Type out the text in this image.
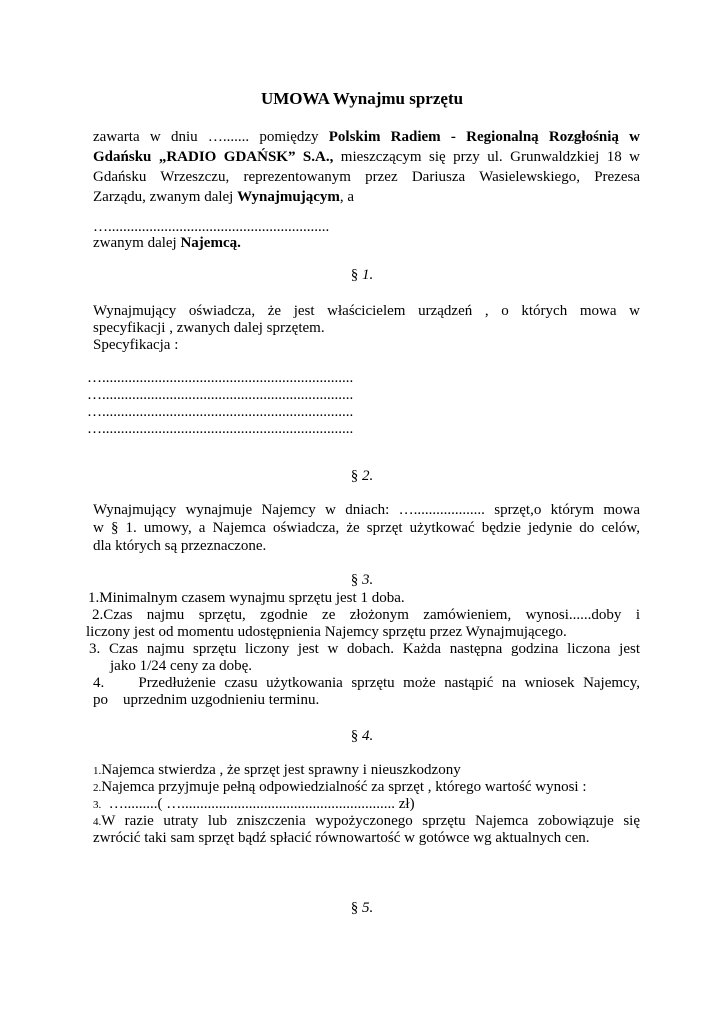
UMOWA Wynajmu sprzętu
zawarta w dniu …....... pomiędzy Polskim Radiem - Regionalną Rozgłośnią w
Gdańsku „RADIO GDAŃSK” S.A., mieszczącym się przy ul. Grunwaldzkiej 18 w
Gdańsku Wrzeszczu, reprezentowanym przez Dariusza Wasielewskiego, Prezesa
Zarządu, zwanym dalej Wynajmującym, a
…...........................................................
zwanym dalej Najemcą.
§ 1.
Wynajmujący oświadcza, że jest właścicielem urządzeń , o których mowa w
specyfikacji , zwanych dalej sprzętem.
Specyfikacja :
…...................................................................
…...................................................................
…...................................................................
…...................................................................
§ 2.
Wynajmujący wynajmuje Najemcy w dniach: …................... sprzęt,o którym mowa
w § 1. umowy, a Najemca oświadcza, że sprzęt użytkować będzie jedynie do celów,
dla których są przeznaczone.
§ 3.
1.Minimalnym czasem wynajmu sprzętu jest 1 doba.
2.Czas najmu sprzętu, zgodnie ze złożonym zamówieniem, wynosi......doby i
liczony jest od momentu udostępnienia Najemcy sprzętu przez Wynajmującego.
3. Czas najmu sprzętu liczony jest w dobach. Każda następna godzina liczona jest
jako 1/24 ceny za dobę.
4.    Przedłużenie czasu użytkowania sprzętu może nastąpić na wniosek Najemcy,
po    uprzednim uzgodnieniu terminu.
§ 4.
1.Najemca stwierdza , że sprzęt jest sprawny i nieuszkodzony
2.Najemca przyjmuje pełną odpowiedzialność za sprzęt , którego wartość wynosi :
3.  ….........( …......................................................... zł)
4.W razie utraty lub zniszczenia wypożyczonego sprzętu Najemca zobowiązuje się
zwrócić taki sam sprzęt bądź spłacić równowartość w gotówce wg aktualnych cen.
§ 5.
